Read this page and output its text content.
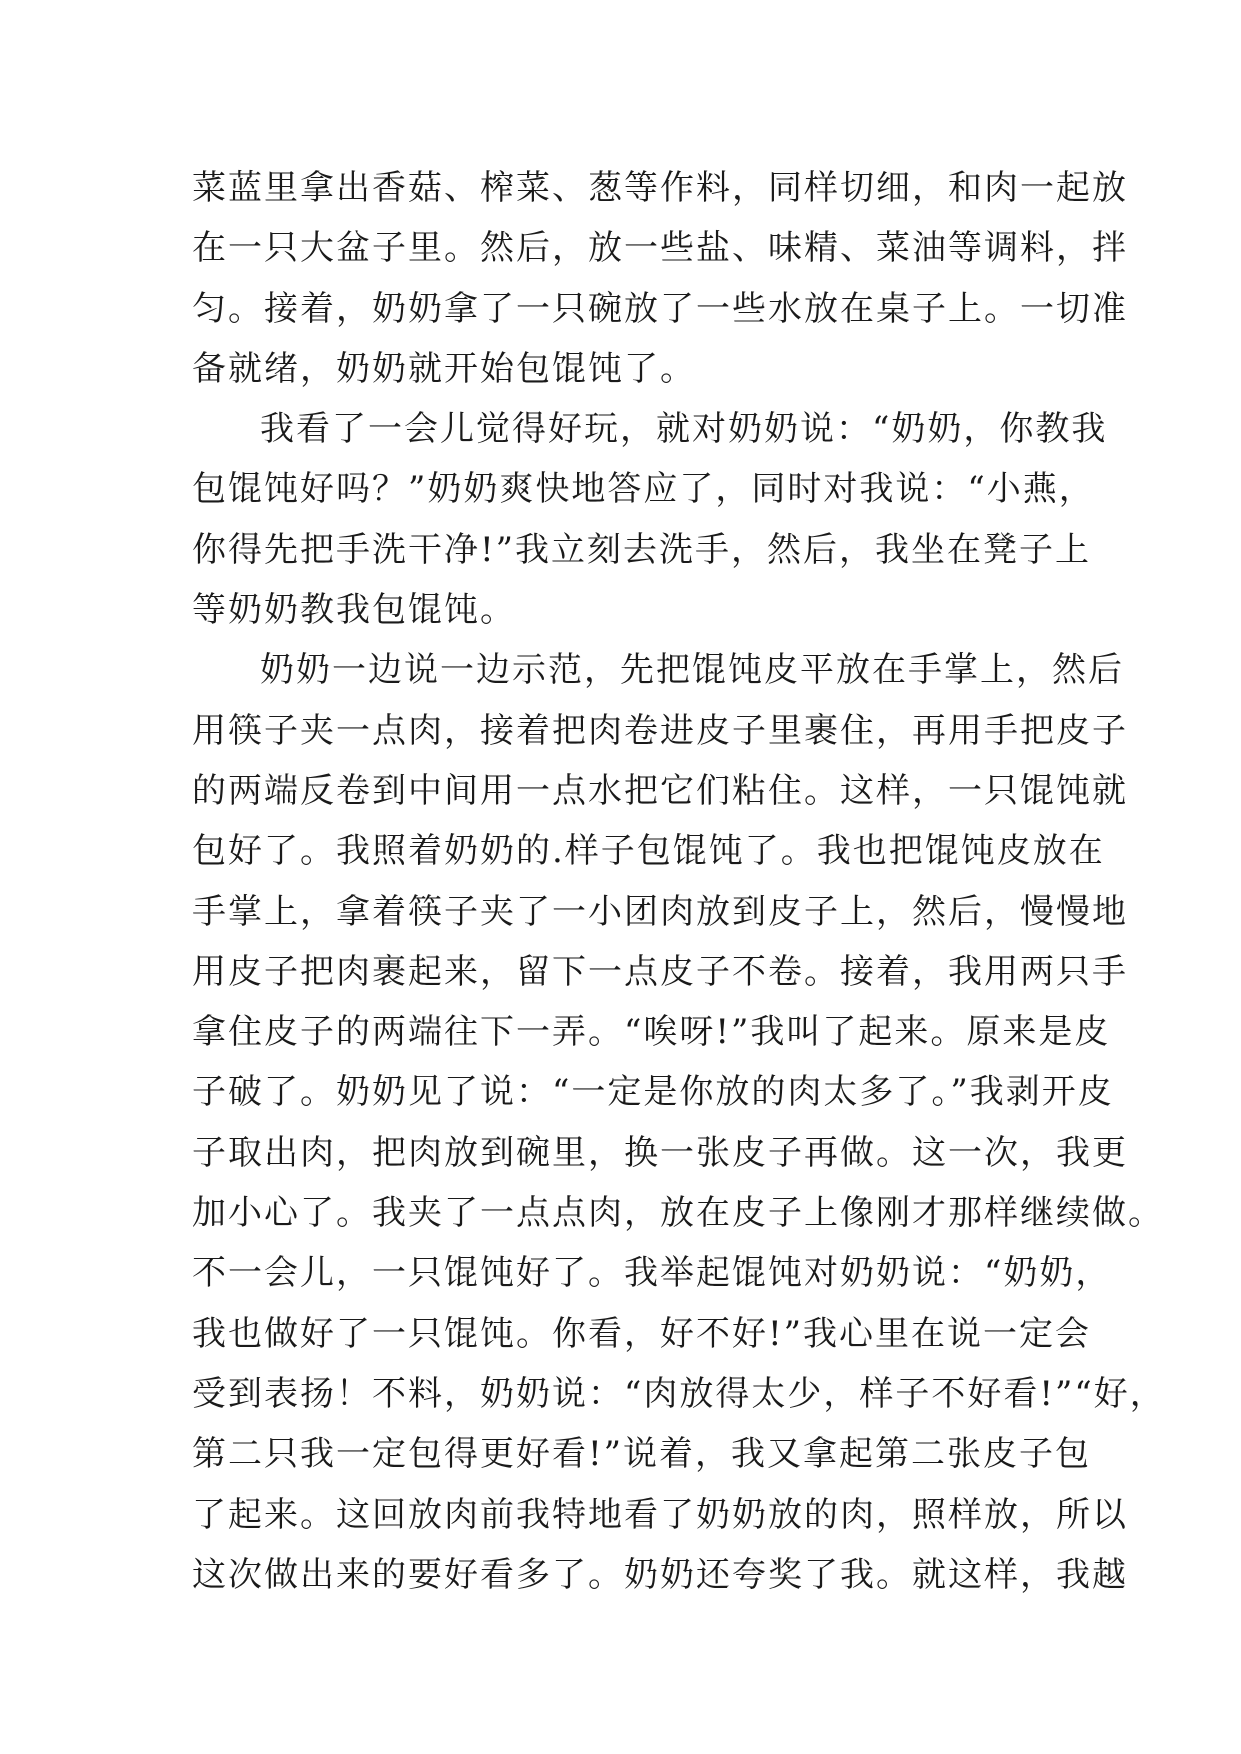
菜蓝里拿出香菇、榨菜、葱等作料，同样切细，和肉一起放
在一只大盆子里。然后，放一些盐、味精、菜油等调料，拌
匀。接着，奶奶拿了一只碗放了一些水放在桌子上。一切准
备就绪，奶奶就开始包馄饨了。
我看了一会儿觉得好玩，就对奶奶说：“奶奶，你教我
包馄饨好吗？”奶奶爽快地答应了，同时对我说：“小燕，
你得先把手洗干净!”我立刻去洗手，然后，我坐在凳子上
等奶奶教我包馄饨。
奶奶一边说一边示范，先把馄饨皮平放在手掌上，然后
用筷子夹一点肉，接着把肉卷进皮子里裹住，再用手把皮子
的两端反卷到中间用一点水把它们粘住。这样，一只馄饨就
包好了。我照着奶奶的.样子包馄饨了。我也把馄饨皮放在
手掌上，拿着筷子夹了一小团肉放到皮子上，然后，慢慢地
用皮子把肉裹起来，留下一点皮子不卷。接着，我用两只手
拿住皮子的两端往下一弄。“唉呀!”我叫了起来。原来是皮
子破了。奶奶见了说：“一定是你放的肉太多了。”我剥开皮
子取出肉，把肉放到碗里，换一张皮子再做。这一次，我更
加小心了。我夹了一点点肉，放在皮子上像刚才那样继续做。
不一会儿，一只馄饨好了。我举起馄饨对奶奶说：“奶奶，
我也做好了一只馄饨。你看，好不好!”我心里在说一定会
受到表扬！不料，奶奶说：“肉放得太少，样子不好看!”“好，
第二只我一定包得更好看!”说着，我又拿起第二张皮子包
了起来。这回放肉前我特地看了奶奶放的肉，照样放，所以
这次做出来的要好看多了。奶奶还夸奖了我。就这样，我越
